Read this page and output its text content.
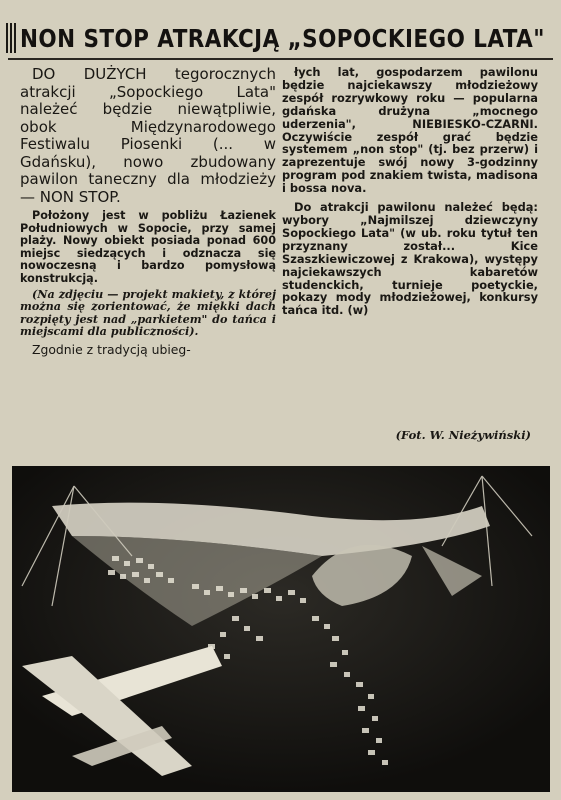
NON STOP ATRAKCJĄ „SOPOCKIEGO LATA"

DO DUŻYCH tegorocznych atrakcji „Sopockiego Lata" należeć będzie niewątpliwie, obok Międzynarodowego Festiwalu Piosenki (... w Gdańsku), nowo zbudowany pawilon taneczny dla młodzieży — NON STOP.

Położony jest w pobliżu Łazienek Południowych w Sopocie, przy samej plaży. Nowy obiekt posiada ponad 600 miejsc siedzących i odznacza się nowoczesną i bardzo pomysłową konstrukcją.

(Na zdjęciu — projekt makiety, z której można się zorientować, że miękki dach rozpięty jest nad „parkietem" do tańca i miejscami dla publiczności).

Zgodnie z tradycją ubieg-

łych lat, gospodarzem pawilonu będzie najciekawszy młodzieżowy zespół rozrywkowy roku — popularna gdańska drużyna „mocnego uderzenia", NIEBIESKO-CZARNI. Oczywiście zespół grać będzie systemem „non stop" (tj. bez przerw) i zaprezentuje swój nowy 3-godzinny program pod znakiem twista, madisona i bossa nova.

Do atrakcji pawilonu należeć będą: wybory „Najmilszej dziewczyny Sopockiego Lata" (w ub. roku tytuł ten przyznany został... Kice Szaszkiewiczowej z Krakowa), występy najciekawszych kabaretów studenckich, turnieje poetyckie, pokazy mody młodzieżowej, konkursy tańca itd. (w)

(Fot. W. Nieżywiński)
